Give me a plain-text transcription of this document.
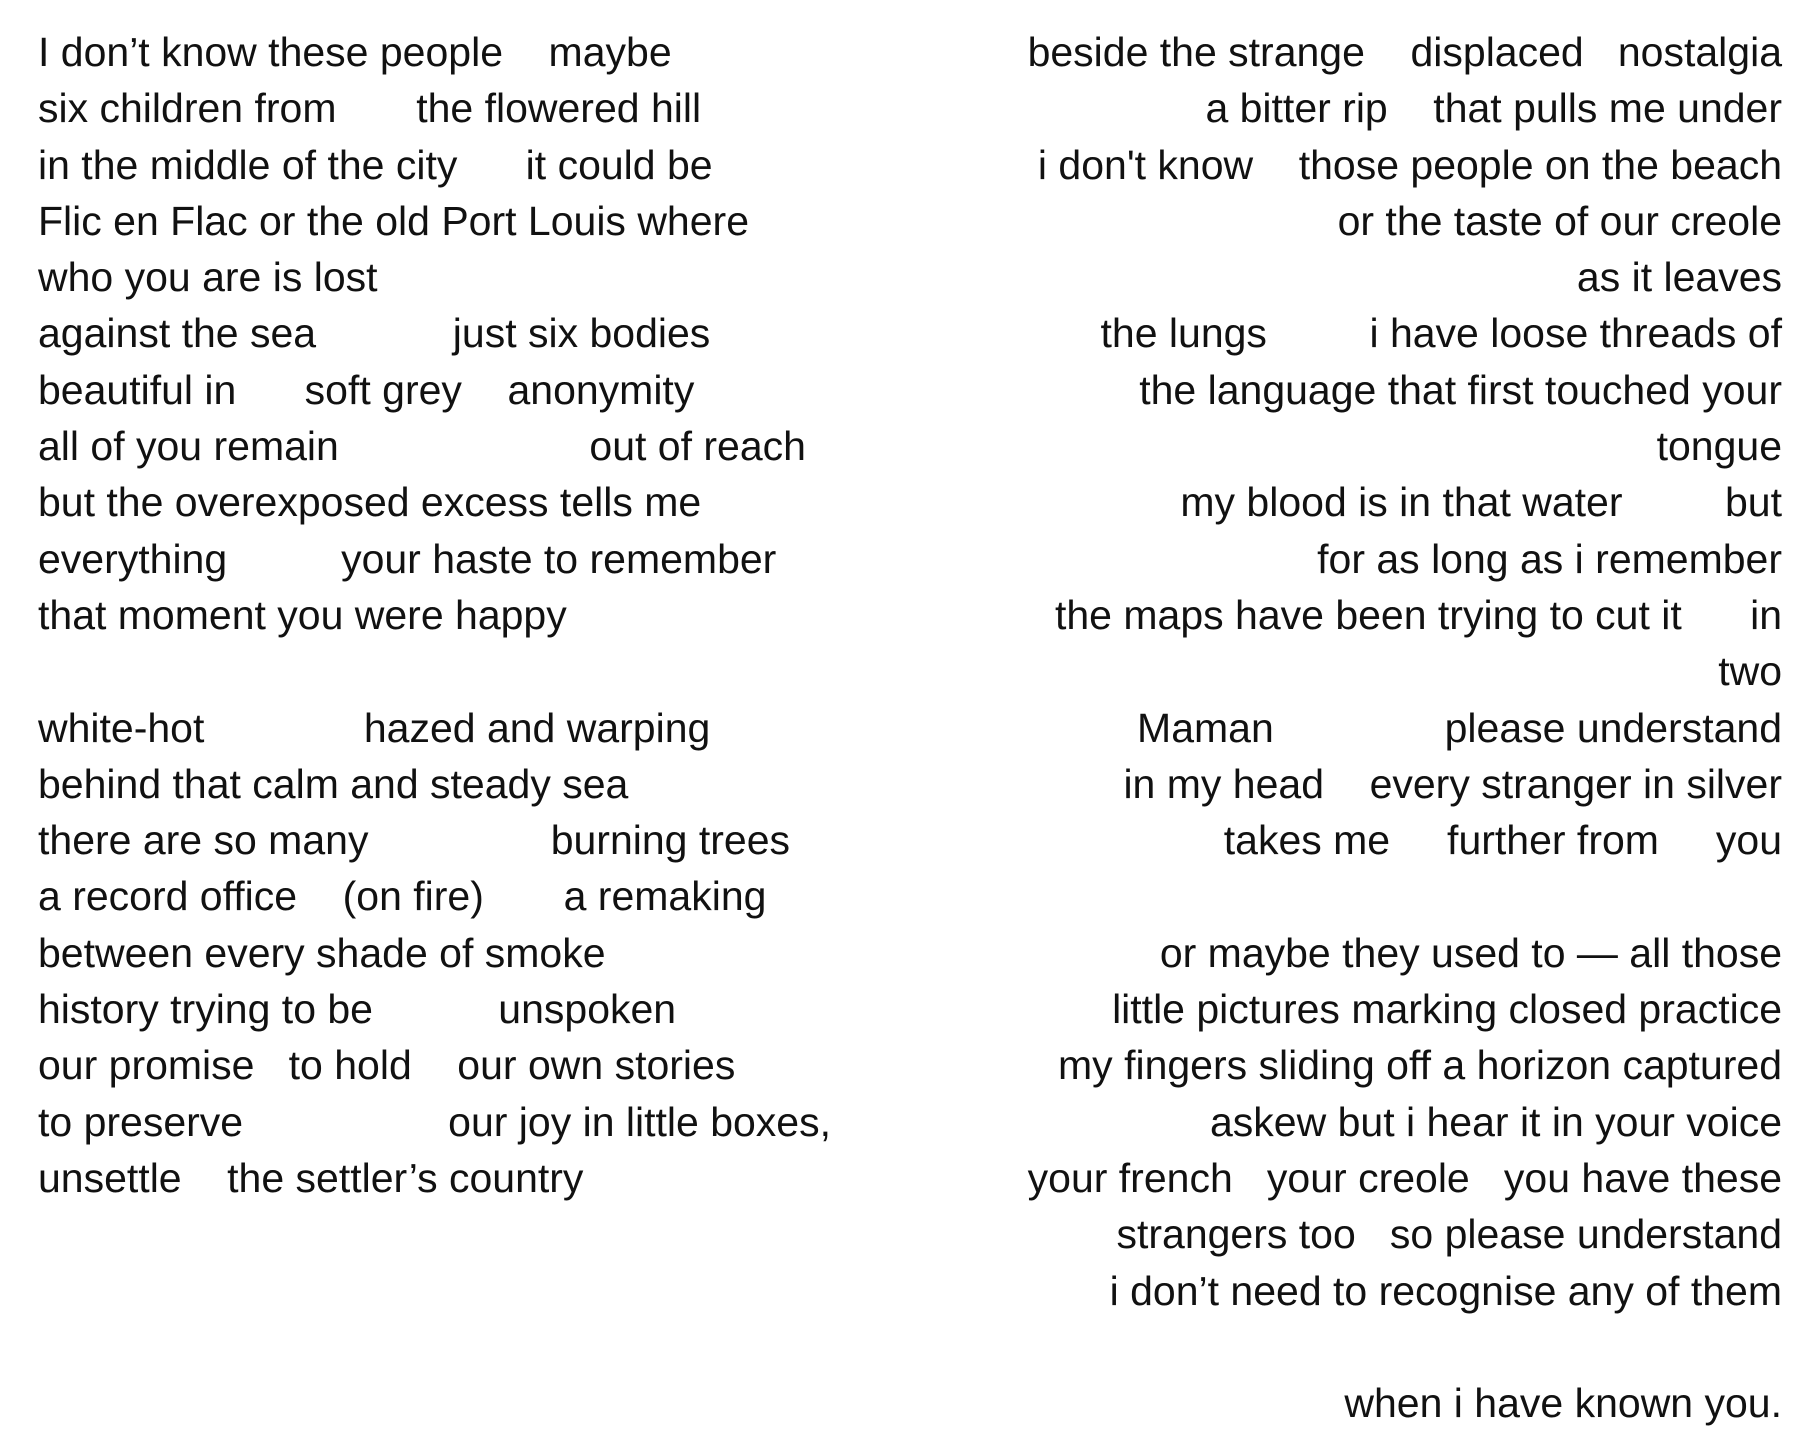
I don’t know these people    maybe
six children from       the flowered hill
in the middle of the city      it could be
Flic en Flac or the old Port Louis where
who you are is lost
against the sea            just six bodies
beautiful in      soft grey    anonymity
all of you remain                      out of reach
but the overexposed excess tells me
everything          your haste to remember
that moment you were happy
white-hot              hazed and warping
behind that calm and steady sea
there are so many                burning trees
a record office    (on fire)       a remaking
between every shade of smoke
history trying to be           unspoken
our promise   to hold    our own stories
to preserve                  our joy in little boxes,
unsettle    the settler’s country
beside the strange    displaced   nostalgia
a bitter rip    that pulls me under
i don't know    those people on the beach
or the taste of our creole
as it leaves
the lungs         i have loose threads of
the language that first touched your
tongue
my blood is in that water         but
for as long as i remember
the maps have been trying to cut it      in
two
Maman               please understand
in my head    every stranger in silver
takes me     further from     you
or maybe they used to — all those
little pictures marking closed practice
my fingers sliding off a horizon captured
askew but i hear it in your voice
your french   your creole   you have these
strangers too   so please understand
i don’t need to recognise any of them
when i have known you.
